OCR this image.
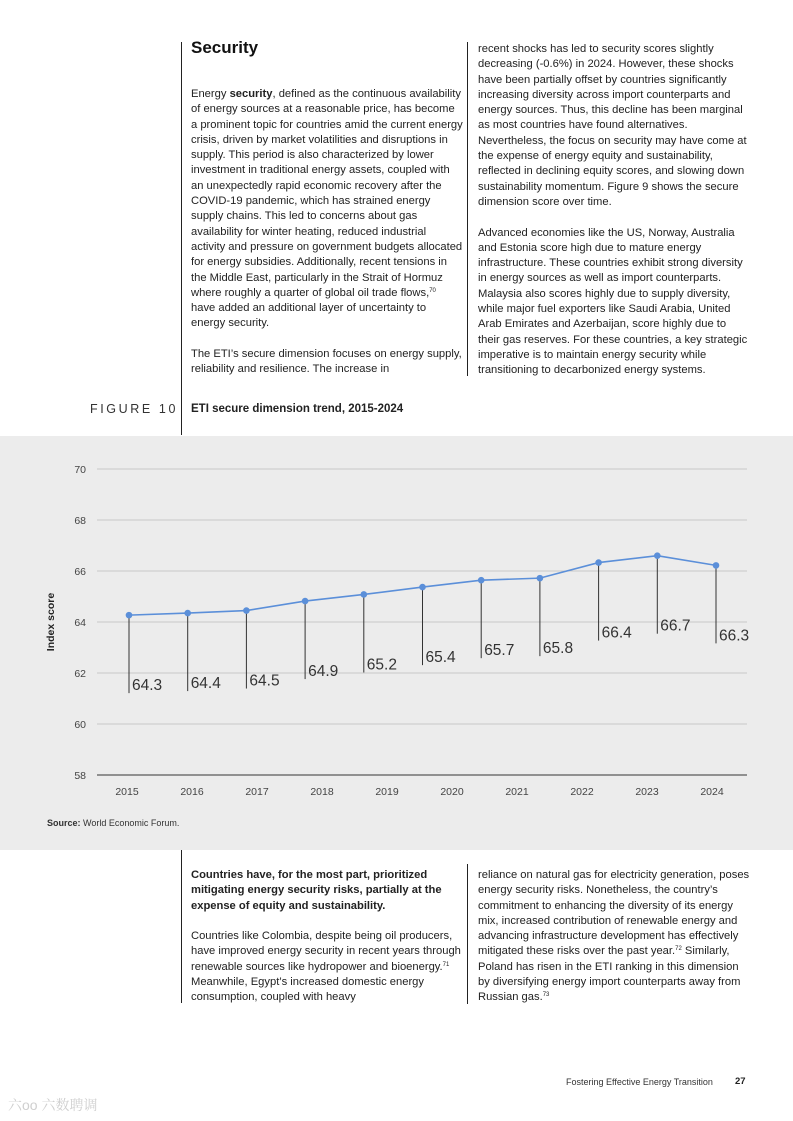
Security

Energy security, defined as the continuous availability of energy sources at a reasonable price, has become a prominent topic for countries amid the current energy crisis, driven by market volatilities and disruptions in supply. This period is also characterized by lower investment in traditional energy assets, coupled with an unexpectedly rapid economic recovery after the COVID-19 pandemic, which has strained energy supply chains. This led to concerns about gas availability for winter heating, reduced industrial activity and pressure on government budgets allocated for energy subsidies. Additionally, recent tensions in the Middle East, particularly in the Strait of Hormuz where roughly a quarter of global oil trade flows,$^{70}$ have added an additional layer of uncertainty to energy security.

The ETI’s secure dimension focuses on energy supply, reliability and resilience. The increase in

recent shocks has led to security scores slightly decreasing (-0.6%) in 2024. However, these shocks have been partially offset by countries significantly increasing diversity across import counterparts and energy sources. Thus, this decline has been marginal as most countries have found alternatives. Nevertheless, the focus on security may have come at the expense of energy equity and sustainability, reflected in declining equity scores, and slowing down sustainability momentum. Figure 9 shows the secure dimension score over time.

Advanced economies like the US, Norway, Australia and Estonia score high due to mature energy infrastructure. These countries exhibit strong diversity in energy sources as well as import counterparts. Malaysia also scores highly due to supply diversity, while major fuel exporters like Saudi Arabia, United Arab Emirates and Azerbaijan, score highly due to their gas reserves. For these countries, a key strategic imperative is to maintain energy security while transitioning to decarbonized energy systems.

FIGURE 10 ETI secure dimension trend, 2015-2024
58
60
62
64
66
68
70
Index score
2015	2016	2017	2018	2019	2020	2021	2022	2023	2024
64.3 64.4 64.5
64.9 65.2 65.4 65.7 65.8
66.4 66.7
66.3
Source: World Economic Forum.

Countries have, for the most part, prioritized mitigating energy security risks, partially at the expense of equity and sustainability.

Countries like Colombia, despite being oil producers, have improved energy security in recent years through renewable sources like hydropower and bioenergy.$^{71}$ Meanwhile, Egypt’s increased domestic energy consumption, coupled with heavy

reliance on natural gas for electricity generation, poses energy security risks. Nonetheless, the country’s commitment to enhancing the diversity of its energy mix, increased contribution of renewable energy and advancing infrastructure development has effectively mitigated these risks over the past year.$^{72}$ Similarly, Poland has risen in the ETI ranking in this dimension by diversifying energy import counterparts away from Russian gas.$^{73}$

Fostering Effective Energy Transition 27
六oo 六数聘调
